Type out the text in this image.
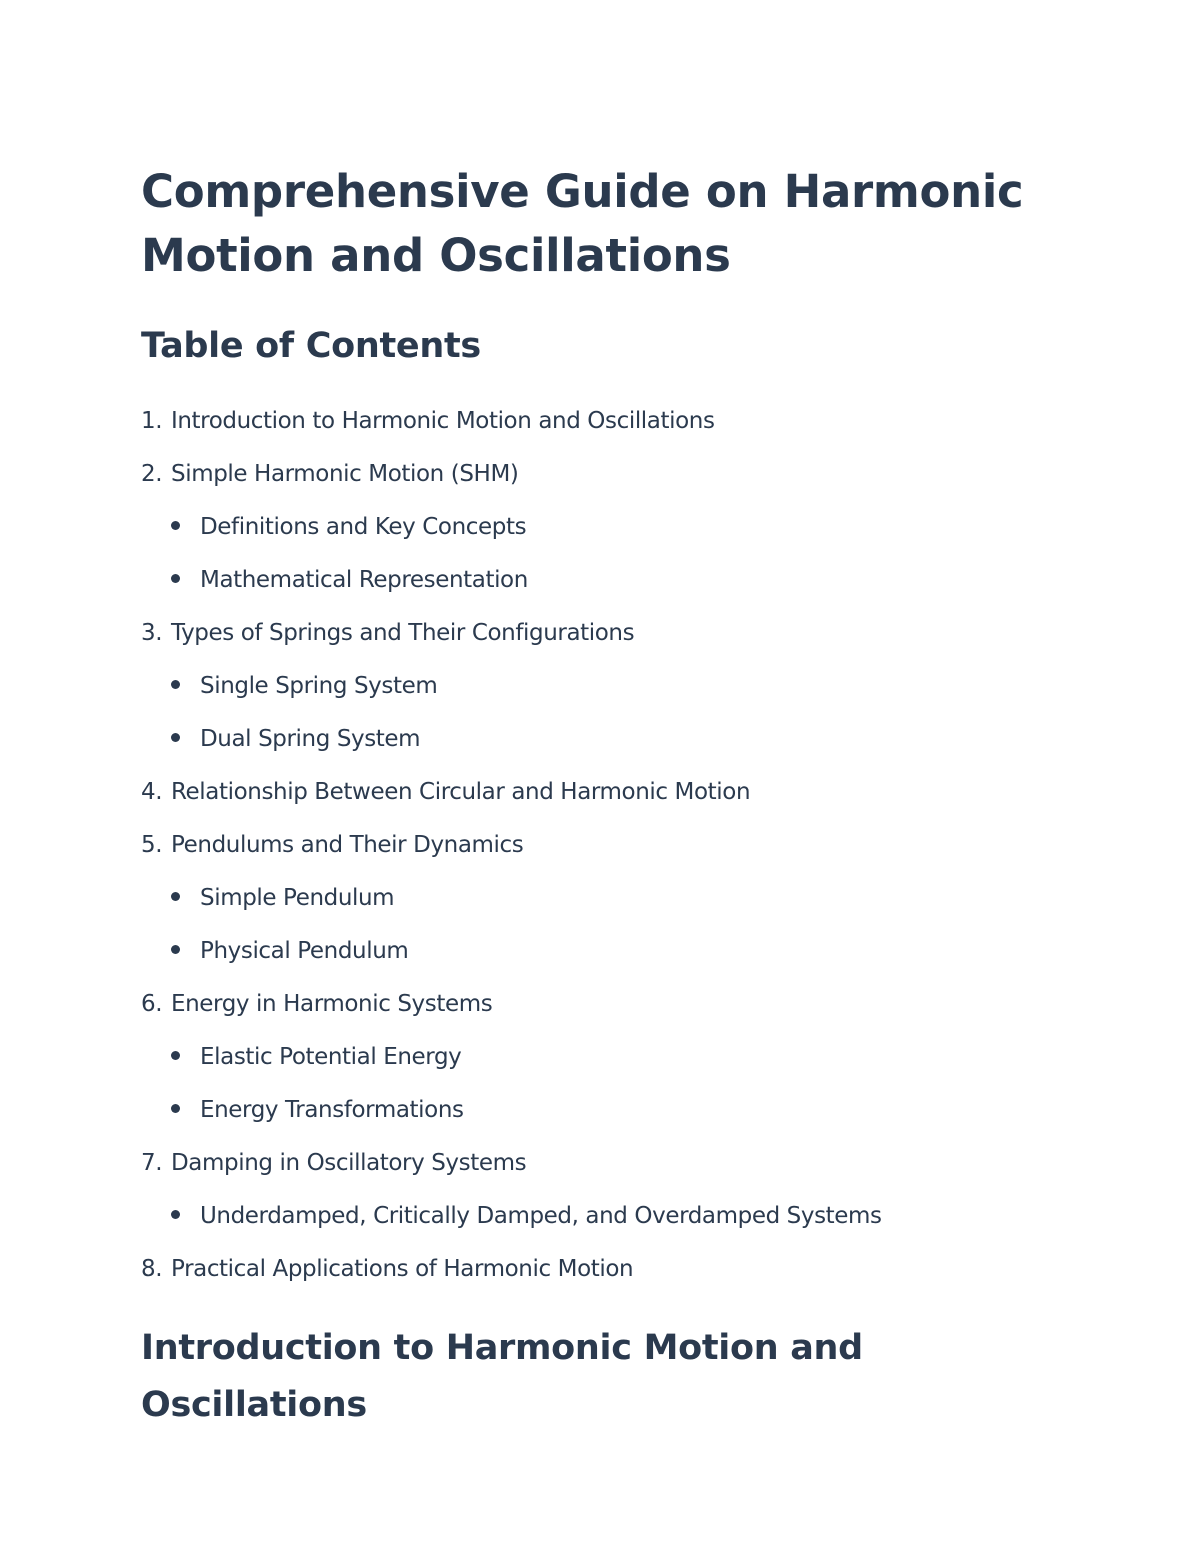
Comprehensive Guide on Harmonic Motion and Oscillations
Table of Contents
1. Introduction to Harmonic Motion and Oscillations
2. Simple Harmonic Motion (SHM)
Definitions and Key Concepts
Mathematical Representation
3. Types of Springs and Their Configurations
Single Spring System
Dual Spring System
4. Relationship Between Circular and Harmonic Motion
5. Pendulums and Their Dynamics
Simple Pendulum
Physical Pendulum
6. Energy in Harmonic Systems
Elastic Potential Energy
Energy Transformations
7. Damping in Oscillatory Systems
Underdamped, Critically Damped, and Overdamped Systems
8. Practical Applications of Harmonic Motion
Introduction to Harmonic Motion and Oscillations
